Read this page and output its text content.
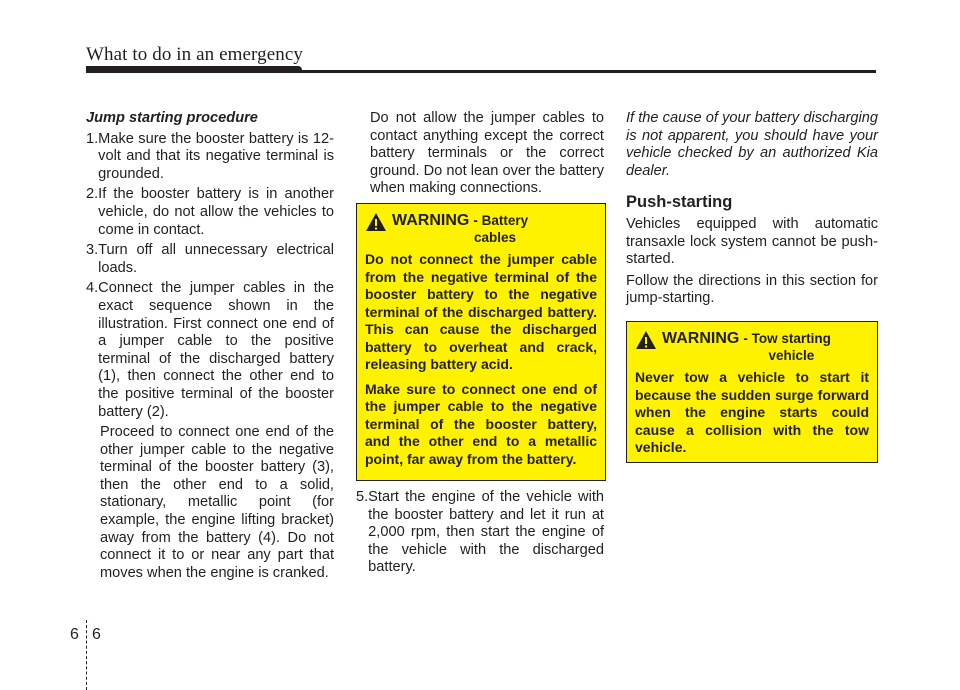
What to do in an emergency

Jump starting procedure

1. Make sure the booster battery is 12-volt and that its negative terminal is grounded.
2. If the booster battery is in another vehicle, do not allow the vehicles to come in contact.
3. Turn off all unnecessary electrical loads.
4. Connect the jumper cables in the exact sequence shown in the illustration. First connect one end of a jumper cable to the positive terminal of the discharged battery (1), then connect the other end to the positive terminal of the booster battery (2).

Proceed to connect one end of the other jumper cable to the negative terminal of the booster battery (3), then the other end to a solid, stationary, metallic point (for example, the engine lifting bracket) away from the battery (4). Do not connect it to or near any part that moves when the engine is cranked.

Do not allow the jumper cables to contact anything except the correct battery terminals or the correct ground. Do not lean over the battery when making connections.

WARNING - Battery
cables

Do not connect the jumper cable from the negative terminal of the booster battery to the negative terminal of the discharged battery. This can cause the discharged battery to overheat and crack, releasing battery acid.

Make sure to connect one end of the jumper cable to the negative terminal of the booster battery, and the other end to a metallic point, far away from the battery.

5. Start the engine of the vehicle with the booster battery and let it run at 2,000 rpm, then start the engine of the vehicle with the discharged battery.

If the cause of your battery discharging is not apparent, you should have your vehicle checked by an authorized Kia dealer.

Push-starting

Vehicles equipped with automatic transaxle lock system cannot be push-started.

Follow the directions in this section for jump-starting.

WARNING - Tow starting
vehicle

Never tow a vehicle to start it because the sudden surge forward when the engine starts could cause a collision with the tow vehicle.

6 6
